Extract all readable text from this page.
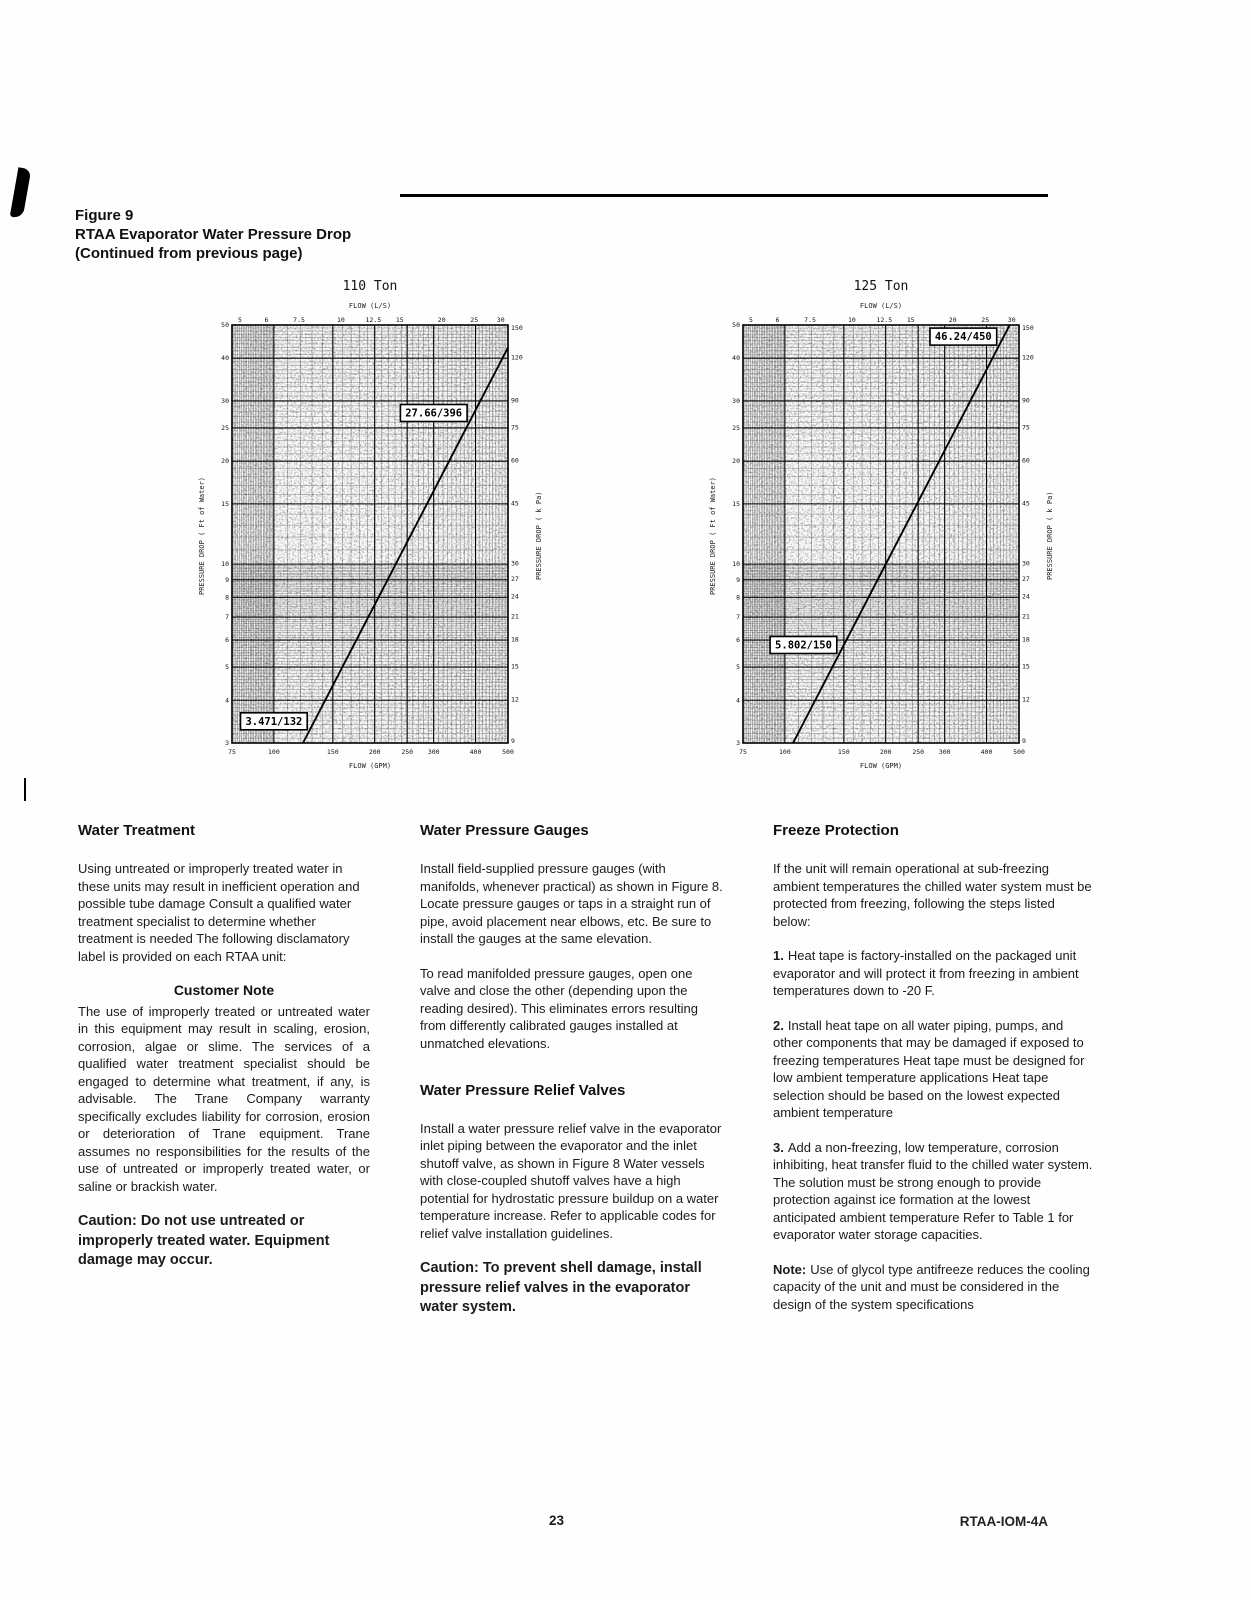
Figure 9
RTAA Evaporator Water Pressure Drop
(Continued from previous page)
110 Ton
FLOW (L/S)
PRESSURE DROP ( Ft of Water)
27.66/396
3.471/132
5	6	7.5	10	12.5 15	20	25	30
75	100	150	200	250 300	400	500
50
40
30
25
20
15
10
9
8
7
6
5
4
3
150
120
90
75
60
45
30
27
24
21
18
15
12
9
PRESSURE DROP ( k Pa)
FLOW (GPM)
125 Ton
FLOW (L/S)
PRESSURE DROP ( Ft of Water)
46.24/450
5.802/150
5	6	7.5	10	12.5 15	20	25	30
75	100	150	200	250 300	400	500
50
40
30
25
20
15
10
9
8
7
6
5
4
3
150
120
90
75
60
45
30
27
24
21
18
15
12
9
PRESSURE DROP ( k Pa)
FLOW (GPM)
Water Treatment

Using untreated or improperly treated water in these units may result in inefficient operation and possible tube damage Consult a qualified water treatment specialist to determine whether treatment is needed The following disclamatory label is provided on each RTAA unit:

Customer Note

The use of improperly treated or untreated water in this equipment may result in scaling, erosion, corrosion, algae or slime. The services of a qualified water treatment specialist should be engaged to determine what treatment, if any, is advisable. The Trane Company warranty specifically excludes liability for corrosion, erosion or deterioration of Trane equipment. Trane assumes no responsibilities for the results of the use of untreated or improperly treated water, or saline or brackish water.

Caution: Do not use untreated or improperly treated water. Equipment damage may occur.

Water Pressure Gauges

Install field-supplied pressure gauges (with manifolds, whenever practical) as shown in Figure 8. Locate pressure gauges or taps in a straight run of pipe, avoid placement near elbows, etc. Be sure to install the gauges at the same elevation.

To read manifolded pressure gauges, open one valve and close the other (depending upon the reading desired). This eliminates errors resulting from differently calibrated gauges installed at unmatched elevations.

Water Pressure Relief Valves

Install a water pressure relief valve in the evaporator inlet piping between the evaporator and the inlet shutoff valve, as shown in Figure 8 Water vessels with close-coupled shutoff valves have a high potential for hydrostatic pressure buildup on a water temperature increase. Refer to applicable codes for relief valve installation guidelines.

Caution: To prevent shell damage, install pressure relief valves in the evaporator water system.

Freeze Protection

If the unit will remain operational at sub-freezing ambient temperatures the chilled water system must be protected from freezing, following the steps listed below:

1. Heat tape is factory-installed on the packaged unit evaporator and will protect it from freezing in ambient temperatures down to -20 F.

2. Install heat tape on all water piping, pumps, and other components that may be damaged if exposed to freezing temperatures Heat tape must be designed for low ambient temperature applications Heat tape selection should be based on the lowest expected ambient temperature

3. Add a non-freezing, low temperature, corrosion inhibiting, heat transfer fluid to the chilled water system. The solution must be strong enough to provide protection against ice formation at the lowest anticipated ambient temperature Refer to Table 1 for evaporator water storage capacities.

Note: Use of glycol type antifreeze reduces the cooling capacity of the unit and must be considered in the design of the system specifications

23	RTAA-IOM-4A
